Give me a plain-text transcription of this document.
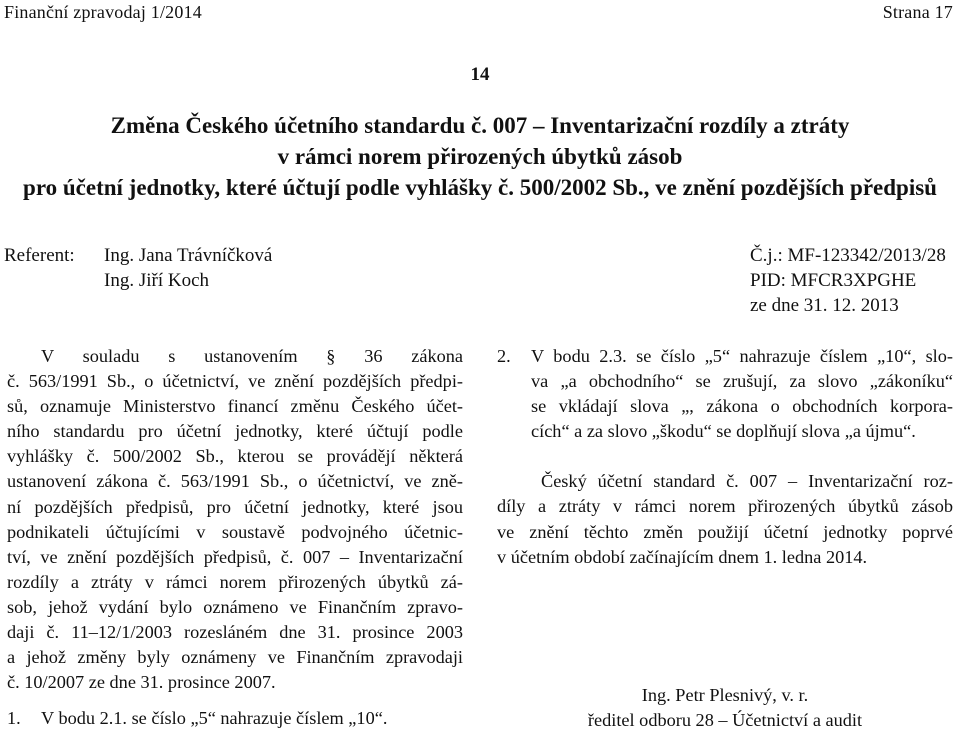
Finanční zpravodaj 1/2014	Strana 17
14
Změna Českého účetního standardu č. 007 – Inventarizační rozdíly a ztráty
v rámci norem přirozených úbytků zásob
pro účetní jednotky, které účtují podle vyhlášky č. 500/2002 Sb., ve znění pozdějších předpisů
Referent: Ing. Jana Trávníčková
Ing. Jiří Koch
Č.j.: MF-123342/2013/28
PID: MFCR3XPGHE
ze dne 31. 12. 2013
V souladu s ustanovením § 36 zákona
č. 563/1991 Sb., o účetnictví, ve znění pozdějších předpi-
sů, oznamuje Ministerstvo financí změnu Českého účet-
ního standardu pro účetní jednotky, které účtují podle
vyhlášky č. 500/2002 Sb., kterou se provádějí některá
ustanovení zákona č. 563/1991 Sb., o účetnictví, ve zně-
ní pozdějších předpisů, pro účetní jednotky, které jsou
podnikateli účtujícími v soustavě podvojného účetnic-
tví, ve znění pozdějších předpisů, č. 007 – Inventarizační
rozdíly a ztráty v rámci norem přirozených úbytků zá-
sob, jehož vydání bylo oznámeno ve Finančním zpravo-
daji č. 11–12/1/2003 rozesláném dne 31. prosince 2003
a jehož změny byly oznámeny ve Finančním zpravodaji
č. 10/2007 ze dne 31. prosince 2007.
1.	V bodu 2.1. se číslo „5“ nahrazuje číslem „10“.
2.	V bodu 2.3. se číslo „5“ nahrazuje číslem „10“, slo-
va „a obchodního“ se zrušují, za slovo „zákoníku“
se vkládají slova „, zákona o obchodních korpora-
cích“ a za slovo „škodu“ se doplňují slova „a újmu“.
Český účetní standard č. 007 – Inventarizační roz-
díly a ztráty v rámci norem přirozených úbytků zásob
ve znění těchto změn použijí účetní jednotky poprvé
v účetním období začínajícím dnem 1. ledna 2014.
Ing. Petr Plesnivý, v. r.
ředitel odboru 28 – Účetnictví a audit
